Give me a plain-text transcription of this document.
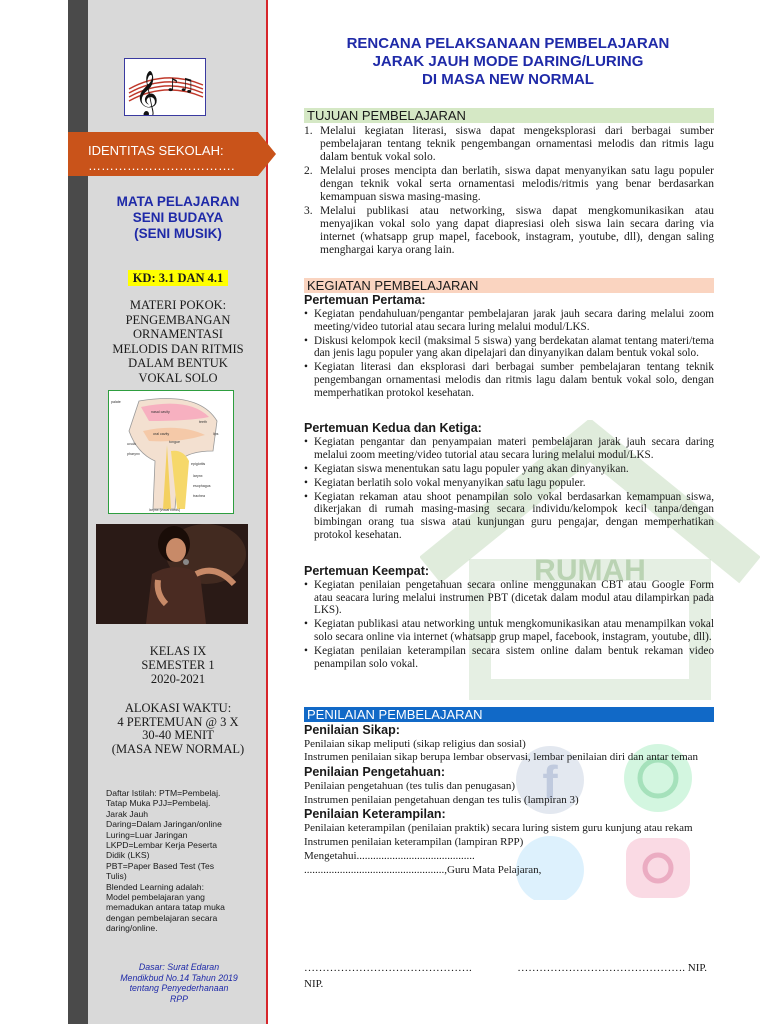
RUMAH
f
𝄞 ♪♫
IDENTITAS SEKOLAH:
…………………………….
MATA PELAJARAN
SENI BUDAYA
(SENI MUSIK)
KD: 3.1 DAN 4.1
MATERI POKOK:
PENGEMBANGAN
ORNAMENTASI
MELODIS DAN RITMIS
DALAM BENTUK
VOKAL SOLO
palate
nasal cavity
oral cavity
teeth
lips
tongue
uvula
pharynx
epiglottis
larynx
esophagus
trachea
larynx (vocal cords)
KELAS IX
SEMESTER 1
2020-2021
ALOKASI WAKTU:
4 PERTEMUAN @ 3 X
30-40 MENIT
(MASA NEW NORMAL)
Daftar Istilah: PTM=Pembelaj.
Tatap Muka PJJ=Pembelaj.
Jarak Jauh
Daring=Dalam Jaringan/online
Luring=Luar Jaringan
LKPD=Lembar Kerja Peserta
Didik (LKS)
PBT=Paper Based Test (Tes
Tulis)
Blended Learning adalah:
Model pembelajaran yang
memadukan antara tatap muka
dengan pembelajaran secara
daring/online.
Dasar: Surat Edaran
Mendikbud No.14 Tahun 2019
tentang Penyederhanaan
RPP
RENCANA PELAKSANAAN PEMBELAJARAN
JARAK JAUH MODE DARING/LURING
DI MASA NEW NORMAL
TUJUAN PEMBELAJARAN
1. Melalui kegiatan literasi, siswa dapat mengeksplorasi dari berbagai sumber pembelajaran tentang teknik pengembangan ornamentasi melodis dan ritmis lagu dalam bentuk vokal solo.
2. Melalui proses mencipta dan berlatih, siswa dapat menyanyikan satu lagu populer dengan teknik vokal serta ornamentasi melodis/ritmis yang benar berdasarkan kemampuan siswa masing-masing.
3. Melalui publikasi atau networking, siswa dapat mengkomunikasikan atau menyajikan vokal solo yang dapat diapresiasi oleh siswa lain secara daring via internet (whatsapp grup mapel, facebook, instagram, youtube, dll), dengan saling menghargai karya orang lain.
KEGIATAN PEMBELAJARAN
Pertemuan Pertama:
• Kegiatan pendahuluan/pengantar pembelajaran jarak jauh secara daring melalui zoom meeting/video tutorial atau secara luring melalui modul/LKS.
• Diskusi kelompok kecil (maksimal 5 siswa) yang berdekatan alamat tentang materi/tema dan jenis lagu populer yang akan dipelajari dan dinyanyikan dalam bentuk vokal solo.
• Kegiatan literasi dan eksplorasi dari berbagai sumber pembelajaran tentang teknik pengembangan ornamentasi melodis dan ritmis lagu dalam bentuk vokal solo, dengan memperhatikan protokol kesehatan.
Pertemuan Kedua dan Ketiga:
• Kegiatan pengantar dan penyampaian materi pembelajaran jarak jauh secara daring melalui zoom meeting/video tutorial atau secara luring melalui modul/LKS.
• Kegiatan siswa menentukan satu lagu populer yang akan dinyanyikan.
• Kegiatan berlatih solo vokal menyanyikan satu lagu populer.
• Kegiatan rekaman atau shoot penampilan solo vokal berdasarkan kemampuan siswa, dikerjakan di rumah masing-masing secara individu/kelompok kecil tanpa/dengan bimbingan orang tua siswa atau kunjungan guru pengajar, dengan memperhatikan protokol kesehatan.
Pertemuan Keempat:
• Kegiatan penilaian pengetahuan secara online menggunakan CBT atau Google Form atau seacara luring melalui instrumen PBT (dicetak dalam modul atau dilampirkan pada LKS).
• Kegiatan publikasi atau networking untuk mengkomunikasikan atau menampilkan vokal solo secara online via internet (whatsapp grup mapel, facebook, instagram, youtube, dll).
• Kegiatan penilaian keterampilan secara sistem online dalam bentuk rekaman video penampilan solo vokal.
PENILAIAN PEMBELAJARAN
Penilaian Sikap:
Penilaian sikap meliputi (sikap religius dan sosial)
Instrumen penilaian sikap berupa lembar observasi, lembar penilaian diri dan antar teman
Penilaian Pengetahuan:
Penilaian pengetahuan (tes tulis dan penugasan)
Instrumen penilaian pengetahuan dengan tes tulis (lampiran 3)
Penilaian Keterampilan:
Penilaian keterampilan (penilaian praktik) secara luring sistem guru kunjung atau rekam
Instrumen penilaian keterampilan (lampiran RPP)
Mengetahui...........................................
...................................................,Guru Mata Pelajaran,
……………………………………….	………………………………………. NIP.
NIP.
